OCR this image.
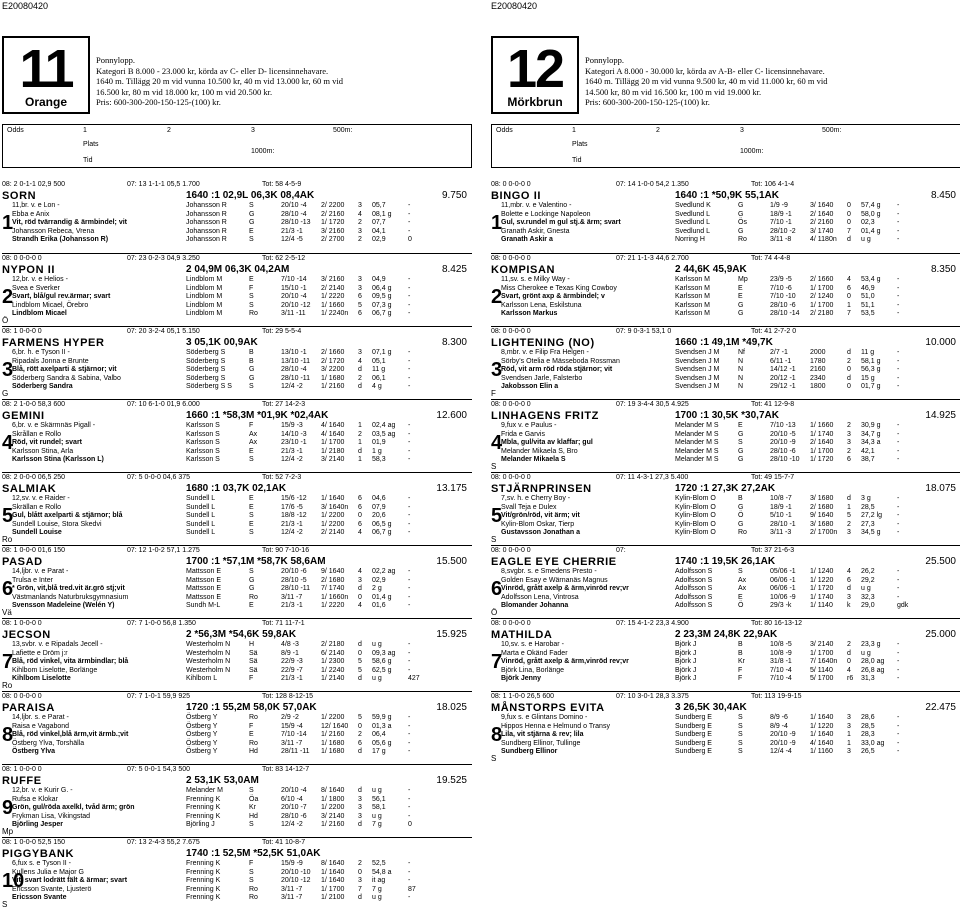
E20080420
11
Orange
Ponnylopp.
Kategori B 8.000 - 23.000 kr, körda av C- eller D- licensinnehavare.
1640 m. Tillägg 20 m vid vunna 10.500 kr, 40 m vid 13.000 kr, 60 m vid
16.500 kr, 80 m vid 18.000 kr, 100 m vid 20.500 kr.
Pris: 600-300-200-150-125-(100) kr.
Odds	1	2	3	500m:
Plats
1000m:
Tid
08: 2 0-1-1 02,9 500	07: 13 1-1-1 05,5 1.700	Tot: 58 4-5-9
SORN	1640 :1 02,9L 06,3K 08,4AK	9.750
1
11,br. v. e Lon -
Ebba e Anix
Vit, röd tvärrandig & ärmbindel; vit
Johansson Rebeca, Vrena
Strandh Erika (Johansson R)
Johansson R	S	20/10 -4 2/ 2200 3 05,7	-
Johansson R	G	28/10 -4 2/ 2160 4 08,1 g -
Johansson R	G	28/10 -13 1/ 1720 2 07,7	-
Johansson R	E	21/3 -1	3/ 2160 3 04,1	-
Johansson R	S	12/4 -5	2/ 2700 2 02,9	0
08: 0 0-0-0 0	07: 23 0-2-3 04,9 3.250	Tot: 62 2-5-12
NYPON II	2 04,9M 06,3K 04,2AM	8.425
2
Ö
12,br. v. e Helios -
Svea e Sverker
Svart, blå/gul rev.ärmar; svart
Lindblom Micael, Örebro
Lindblom Micael
Lindblom M	E	7/10 -14 3/ 2160 3 04,9	-
Lindblom M	F	15/10 -1 2/ 2140 3 06,4 g -
Lindblom M	S	20/10 -4 1/ 2220 6 09,5 g -
Lindblom M	S	20/10 -12 1/ 1660 5 07,3 g -
Lindblom M	Ro	3/11 -11 1/ 2240n 6 06,7 g -
08: 1 0-0-0 0	07: 20 3-2-4 05,1 5.150	Tot: 29 5-5-4
FARMENS HYPER	3 05,1K 00,9AK	8.300
3
G
6,br. h. e Tyson II -
Ripadals Jonna e Brunte
Blå, rött axelparti & stjärnor; vit
Söderberg Sandra & Sabina, Valbo
Söderberg Sandra
Söderberg S	B	13/10 -1 2/ 1660 3 07,1 g -
Söderberg S	B	13/10 -11 2/ 1720 4 05,1	-
Söderberg S	G	28/10 -4 3/ 2200 d 11 g	-
Söderberg S	G	28/10 -11 1/ 1680 2 06,1	-
Söderberg S S S	12/4 -2	1/ 2160 d 4 g	-
08: 2 1-0-0 58,3 600	07: 10 6-1-0 01,9 6.000	Tot: 27 14-2-3
GEMINI	1660 :1 *58,3M *01,9K *02,4AK	12.600
4
6,br. v. e Skärmnäs Pigall -
Skrållan e Rollo
Röd, vit rundel; svart
Karlsson Stina, Arla
Karlsson Stina (Karlsson L)
Karlsson S	F	15/9 -3	4/ 1640 1 02,4 ag -
Karlsson S	Ax	14/10 -3 4/ 1640 2 03,5 ag -
Karlsson S	Ax	23/10 -1 1/ 1700 1 01,9	-
Karlsson S	E	21/3 -1	1/ 2180 d 1 g	-
Karlsson S	S	12/4 -2	3/ 2140 1 58,3	-
08: 2 0-0-0 06,5 250	07: 5 0-0-0 04,6 375	Tot: 52 7-2-3
SALMIAK	1680 :1 03,7K 02,1AK	13.175
5
Ro
12,sv. v. e Raider -
Skrällan e Rollo
Gul, blått axelparti & stjärnor; blå
Sundell Louise, Stora Skedvi
Sundell Louise
Sundell L	E	15/6 -12 1/ 1640 6 04,6	-
Sundell L	E	17/6 -5	3/ 1640n 6 07,9	-
Sundell L	S	18/8 -12 1/ 2200 0 20,6	-
Sundell L	E	21/3 -1	1/ 2200 6 06,5 g -
Sundell L	S	12/4 -2	2/ 2140 4 06,7 g -
08: 1 0-0-0 01,6 150	07: 12 1-0-2 57,1 1.275	Tot: 90 7-10-16
PASAD	1700 :1 *57,1M *58,7K 58,6AM	15.500
6
Vä
14,ljbr. v. e Parat -
Trulsa e Inter
* Grön, vit,blå tred.vit är.grö stj;vit
Västmanlands Naturbruksgymnasium
Svensson Madeleine (Welén Y)
Mattsson E	S	20/10 -6 9/ 1640 4 02,2 ag -
Mattsson E	G	28/10 -5 2/ 1680 3 02,9	-
Mattsson E	G	28/10 -11 7/ 1740 d 2 g	-
Mattsson E	Ro	3/11 -7	1/ 1660n 0 01,4 g -
Sundh M-L	E	21/3 -1	1/ 2220 4 01,6	-
08: 1 0-0-0 0	07: 7 1-0-0 56,8 1.350	Tot: 71 11-7-1
JECSON	2 *56,3M *54,6K 59,8AK	15.925
7
Ro
13,svbr. v. e Ripadals Jecell -
Lafiette e Dröm j:r
Blå, röd vinkel, vita ärmbindlar; blå
Kihlbom Liselotte, Borlänge
Kihlbom Liselotte
Westerholm N	H	4/8 -3	2/ 2180 d u g	-
Westerholm N	Sä	8/9 -1	6/ 2140 0 09,3 ag -
Westerholm N	Sä	22/9 -3	1/ 2300 5 58,6 g -
Westerholm N	Sä	22/9 -7	1/ 2240 5 62,5 g -
Kihlbom L	F	21/3 -1	1/ 2140 d u g	427
08: 0 0-0-0 0	07: 7 1-0-1 59,9 925	Tot: 128 8-12-15
PARAISA	1720 :1 55,2M 58,0K 57,0AK	18.025
8
14,ljbr. s. e Parat -
Raisa e Vagabond
Blå, röd vinkel,blå ärm,vit ärmb.;vit
Östberg Ylva, Torshälla
Östberg Ylva
Östberg Y	Ro	2/9 -2	1/ 2200 5 59,9 g -
Östberg Y	F	15/9 -4	12/ 1640 0 01,3 a -
Östberg Y	E	7/10 -14 1/ 2160 2 06,4	-
Östberg Y	Ro	3/11 -7	1/ 1680 6 05,6 g -
Östberg Y	Hd	28/11 -11 1/ 1680 d 17 g	-
08: 1 0-0-0 0	07: 5 0-0-1 54,3 500	Tot: 83 14-12-7
RUFFE	2 53,1K 53,0AM	19.525
9
Mp
12,br. v. e Kurir G. -
Rufsa e Klokar
Grön, gul/röda axelkl, tvåd ärm; grön
Frykman Lisa, Vikingstad
Björling Jesper
Melander M	S	20/10 -4 8/ 1640 d u g	-
Frenning K	Öa	6/10 -4	1/ 1800 3 56,1	-
Frenning K	Kr	20/10 -7 1/ 2200 3 58,1	-
Frenning K	Hd	28/10 -6 3/ 2140 3 u g	-
Björling J	S	12/4 -2	1/ 2160 d 7 g	0
08: 1 0-0-0 52,5 150	07: 13 2-4-3 55,2 7.675	Tot: 41 10-8-7
PIGGYBANK	1740 :1 52,5M *52,5K 51,0AK
10
S
6,fux s. e Tyson II -
Kullens Julia e Major G
Vit, svart lodrätt fält & ärmar; svart
Ericsson Svante, Ljusterö
Ericsson Svante
Frenning K	F	15/9 -9	8/ 1640 2 52,5	-
Frenning K	S	20/10 -10 1/ 1640 0 54,8 a -
Frenning K	S	20/10 -12 1/ 1640 3 it ag	-
Frenning K	Ro	3/11 -7	1/ 1700 7 7 g	87
Frenning K	Ro	3/11 -7	1/ 2100 d u g	-
E20080420
12
Mörkbrun
Ponnylopp.
Kategori A 8.000 - 30.000 kr, körda av A-B- eller C- licensinnehavare.
1640 m. Tillägg 20 m vid vunna 9.500 kr, 40 m vid 11.000 kr, 60 m vid
14.500 kr, 80 m vid 16.500 kr, 100 m vid 19.000 kr.
Pris: 600-300-200-150-125-(100) kr.
Odds	1	2	3	500m:
Plats
1000m:
Tid
08: 0 0-0-0 0	07: 14 1-0-0 54,2 1.350	Tot: 106 4-1-4
BINGO II	1640 :1 *50,9K 55,1AK	8.450
1
11,mbr. v. e Valentino -
Bolette e Lockinge Napoleon
Gul, sv.rundel m gul stj.& ärm; svart
Granath Askir, Gnesta
Granath Askir a
Svedlund K	G	1/9 -9	3/ 1640 0 57,4 g -
Svedlund L	G	18/9 -1	2/ 1640 0 58,0 g -
Svedlund L	Ös	7/10 -1	2/ 2160 0 02,3	-
Svedlund L	G	28/10 -2 3/ 1740 7 01,4 g -
Norring H	Ro	3/11 -8	4/ 1180n d u g	-
08: 0 0-0-0 0	07: 21 1-1-3 44,6 2.700	Tot: 74 4-4-8
KOMPISAN	2 44,6K 45,9AK	8.350
2
11,sv. s. e Milky Way -
Miss Cherokee e Texas King Cowboy
Svart, grönt axp & ärmbindel; v
Karlsson Lena, Eskilstuna
Karlsson Markus
Karlsson M	Mp	23/9 -5	2/ 1660 4 53,4 g -
Karlsson M	E	7/10 -6	1/ 1700 6 46,9	-
Karlsson M	E	7/10 -10 2/ 1240 0 51,0	-
Karlsson M	G	28/10 -6 1/ 1700 1 51,1	-
Karlsson M	G	28/10 -14 2/ 2180 7 53,5	-
08: 0 0-0-0 0	07: 9 0-3-1 53,1 0	Tot: 41 2-7-2 0
LIGHTENING (NO)	1660 :1 49,1M *49,7K	10.000
3
F
8,mbr. v. e Filip Fra Helgen -
Sörby's Otelia e Mässeboda Rossman
Röd, vit arm röd röda stjärnor; vit
Svendsen Jarle, Falsterbo
Jakobsson Elin a
Svendsen J M	Nf	2/7 -1	2000	d 11 g	-
Svendsen J M	N	6/11 -1	1780	2 58,1 g -
Svendsen J M	N	14/12 -1 2160	0 56,3 g -
Svendsen J M	N	20/12 -1 2340	d 15 g	-
Svendsen J M	N	29/12 -1 1800	0 01,7 g -
08: 0 0-0-0 0	07: 19 3-4-4 30,5 4.925	Tot: 41 12-9-8
LINHAGENS FRITZ	1700 :1 30,5K *30,7AK	14.925
4
S
9,fux v. e Paulus -
Frida e Garvis
Mbla, gul/vita av klaffar; gul
Melander Mikaela S, Bro
Melander Mikaela S
Melander M S	E	7/10 -13 1/ 1660 2 30,9 g -
Melander M S	G	20/10 -5 1/ 1740 3 34,7 g -
Melander M S	S	20/10 -9 2/ 1640 3 34,3 a -
Melander M S	G	28/10 -6 1/ 1700 2 42,1	-
Melander M S	G	28/10 -10 1/ 1720 6 38,7	-
08: 0 0-0-0 0	07: 11 4-3-1 27,3 5.400	Tot: 49 15-7-7
STJÄRNPRINSEN	1720 :1 27,3K 27,2AK	18.075
5
S
7,sv. h. e Cherry Boy -
Svall Teja e Dulex
Vit/grön/röd, vit ärm; vit
Kylin-Blom Oskar, Tierp
Gustavsson Jonathan a
Kylin-Blom O	B	10/8 -7	3/ 1680 d 3 g	-
Kylin-Blom O	G	18/9 -1	2/ 1680 1 28,5	-
Kylin-Blom O	Ö	5/10 -1	9/ 1640 5 27,2 lg -
Kylin-Blom O	G	28/10 -1 3/ 1680 2 27,3	-
Kylin-Blom O	Ro	3/11 -3	2/ 1700n 3 34,5 g -
08: 0 0-0-0 0	07:	Tot: 37 21-6-3
EAGLE EYE CHERRIE	1740 :1 19,5K 26,1AK	25.500
6
Ö
8,svgbr. s. e Smedens Presto -
Golden Esay e Wärnanäs Magnus
Vinröd, grått axelp & ärm,vinröd rev;vr
Adolfsson Lena, Vintrosa
Blomander Johanna
Adolfsson S	S	05/06 -1 1/ 1240 4 26,2	-
Adolfsson S	Ax	06/06 -1 1/ 1220 6 29,2	-
Adolfsson S	Ax	06/06 -1 1/ 1720 d u g	-
Adolfsson S	E	10/06 -9 1/ 1740 3 32,3	-
Adolfsson S	Ö	29/3 -k	1/ 1140 k 29,0	gdk
08: 0 0-0-0 0	07: 15 4-1-2 23,3 4.900	Tot: 80 16-13-12
MATHILDA	2 23,3M 24,8K 22,9AK	25.000
7
10,sv. s. e Harobar -
Marta e Okänd Fader
Vinröd, grått axelp & ärm,vinröd rev;vr
Björk Lina, Borlänge
Björk Jenny
Björk J	B	10/8 -5	3/ 2140 2 23,3 g -
Björk J	B	10/8 -9	1/ 1700 d u g	-
Björk J	Kr	31/8 -1	7/ 1640n 0 28,0 ag -
Björk J	F	7/10 -4	5/ 1140 4 26,8 ag -
Björk J	F	7/10 -4	5/ 1700 r6 31,3	-
08: 1 1-0-0 26,5 600	07: 10 3-0-1 28,3 3.375	Tot: 113 19-9-15
MÅNSTORPS EVITA	3 26,5K 30,4AK	22.475
8
S
9,fux s. e Glintans Domino -
Hippos Henna e Helmund o Transy
Lila, vit stjärna & rev; lila
Sundberg Ellinor, Tullinge
Sundberg Ellinor
Sundberg E	S	8/9 -6	1/ 1640 3 28,6	-
Sundberg E	S	8/9 -4	1/ 1220 3 28,5	-
Sundberg E	S	20/10 -9 1/ 1640 1 28,3	-
Sundberg E	S	20/10 -9 4/ 1640 1 33,0 ag -
Sundberg E	S	12/4 -4	1/ 1160 3 26,5	-
